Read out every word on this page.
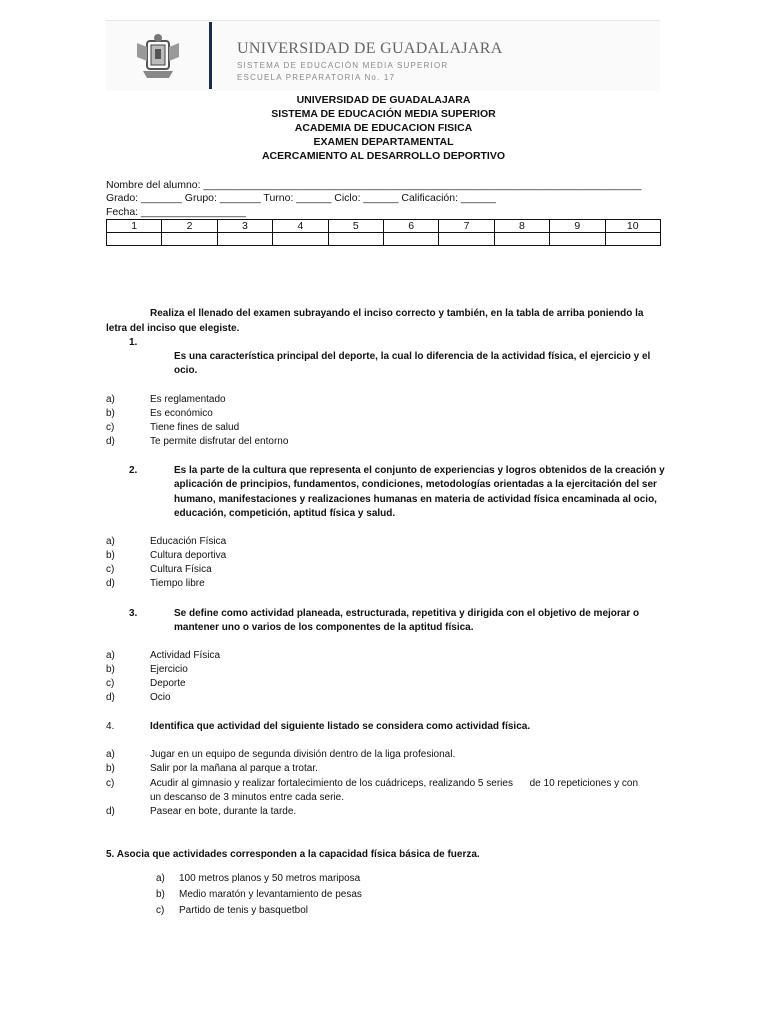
UNIVERSIDAD DE GUADALAJARA
SISTEMA DE EDUCACIÓN MEDIA SUPERIOR
ESCUELA PREPARATORIA No. 17
UNIVERSIDAD DE GUADALAJARA
SISTEMA DE EDUCACIÓN MEDIA SUPERIOR
ACADEMIA DE EDUCACION FISICA
EXAMEN DEPARTAMENTAL
ACERCAMIENTO AL DESARROLLO DEPORTIVO
Nombre del alumno: ___________________________________________________________________________
Grado: _______ Grupo: _______ Turno: ______ Ciclo: ______ Calificación: ______
Fecha: __________________
1	2	3	4	5	6	7	8	9	10

Realiza el llenado del examen subrayando el inciso correcto y también, en la tabla de arriba poniendo la
letra del inciso que elegiste.
1.
Es una característica principal del deporte, la cual lo diferencia de la actividad física, el ejercicio y el
ocio.
a)	Es reglamentado
b)	Es económico
c)	Tiene fines de salud
d)	Te permite disfrutar del entorno
2.	Es la parte de la cultura que representa el conjunto de experiencias y logros obtenidos de la creación y
aplicación de principios, fundamentos, condiciones, metodologías orientadas a la ejercitación del ser
humano, manifestaciones y realizaciones humanas en materia de actividad física encaminada al ocio,
educación, competición, aptitud física y salud.
a)	Educación Física
b)	Cultura deportiva
c)	Cultura Física
d)	Tiempo libre
3.	Se define como actividad planeada, estructurada, repetitiva y dirigida con el objetivo de mejorar o
mantener uno o varios de los componentes de la aptitud física.
a)	Actividad Física
b)	Ejercicio
c)	Deporte
d)	Ocio
4.	Identifica que actividad del siguiente listado se considera como actividad física.
a)	Jugar en un equipo de segunda división dentro de la liga profesional.
b)	Salir por la mañana al parque a trotar.
c)	Acudir al gimnasio y realizar fortalecimiento de los cuádriceps, realizando 5 series      de 10 repeticiones y con
un descanso de 3 minutos entre cada serie.
d)	Pasear en bote, durante la tarde.
5. Asocia que actividades corresponden a la capacidad física básica de fuerza.
a) 100 metros planos y 50 metros mariposa
b) Medio maratón y levantamiento de pesas
c) Partido de tenis y basquetbol
